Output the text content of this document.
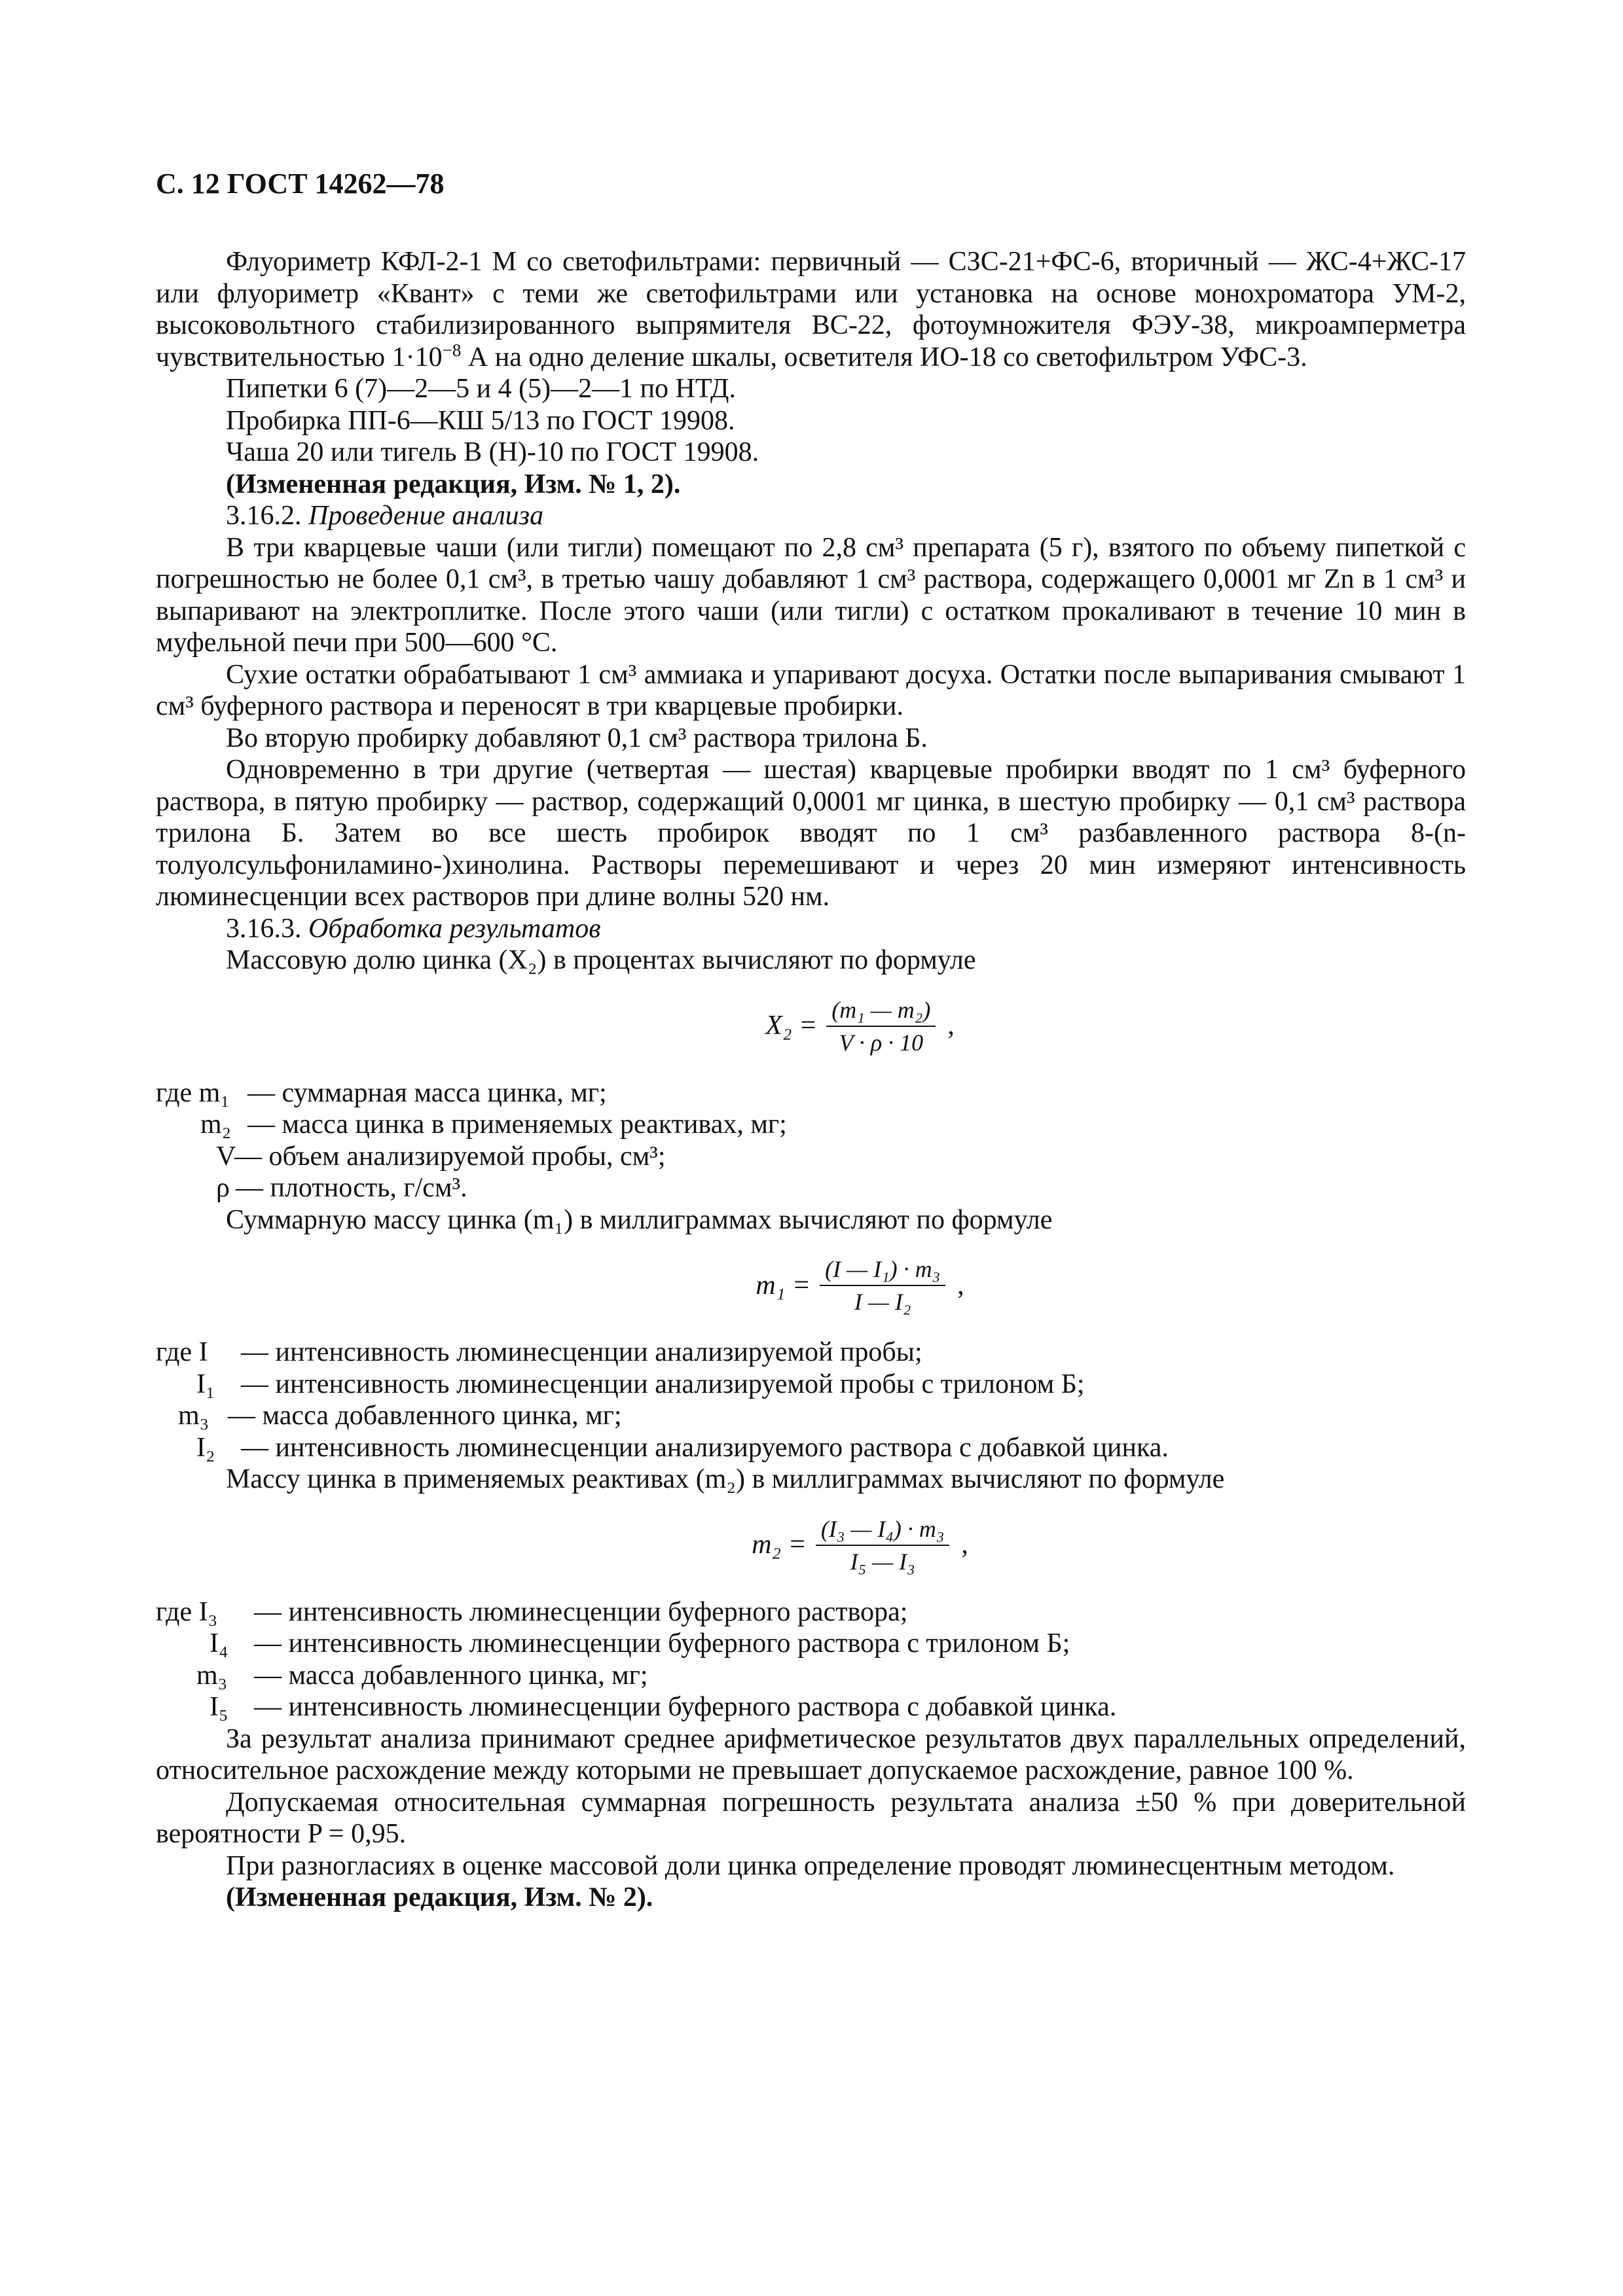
С. 12 ГОСТ 14262—78

Флуориметр КФЛ-2-1 М со светофильтрами: первичный — СЗС-21+ФС-6, вторичный — ЖС-4+ЖС-17 или флуориметр «Квант» с теми же светофильтрами или установка на основе монохроматора УМ-2, высоковольтного стабилизированного выпрямителя ВС-22, фотоумножителя ФЭУ-38, микроамперметра чувствительностью $1\cdot 10^{-8}$ А на одно деление шкалы, осветителя ИО-18 со светофильтром УФС-3.

Пипетки 6 (7)—2—5 и 4 (5)—2—1 по НТД.

Пробирка ПП-6—КШ 5/13 по ГОСТ 19908.

Чаша 20 или тигель В (Н)-10 по ГОСТ 19908.

(Измененная редакция, Изм. № 1, 2).

3.16.2. Проведение анализа

В три кварцевые чаши (или тигли) помещают по 2,8 см³ препарата (5 г), взятого по объему пипеткой с погрешностью не более 0,1 см³, в третью чашу добавляют 1 см³ раствора, содержащего 0,0001 мг Zn в 1 см³ и выпаривают на электроплитке. После этого чаши (или тигли) с остатком прокаливают в течение 10 мин в муфельной печи при 500—600 °С.

Сухие остатки обрабатывают 1 см³ аммиака и упаривают досуха. Остатки после выпаривания смывают 1 см³ буферного раствора и переносят в три кварцевые пробирки.

Во вторую пробирку добавляют 0,1 см³ раствора трилона Б.

Одновременно в три другие (четвертая — шестая) кварцевые пробирки вводят по 1 см³ буферного раствора, в пятую пробирку — раствор, содержащий 0,0001 мг цинка, в шестую пробирку — 0,1 см³ раствора трилона Б. Затем во все шесть пробирок вводят по 1 см³ разбавленного раствора 8-(n-толуолсульфониламино-)хинолина. Растворы перемешивают и через 20 мин измеряют интенсивность люминесценции всех растворов при длине волны 520 нм.

3.16.3. Обработка результатов

Массовую долю цинка (X₂) в процентах вычисляют по формуле

$X_2 = \frac{\text{(m₁ — m₂)}}{V \cdot \rho \cdot 10}$ ,
где m₁ — суммарная масса цинка, мг;
m₂ — масса цинка в применяемых реактивах, мг;
V
— объем анализируемой пробы, см³;
ρ — плотность, г/см³.

Суммарную массу цинка (m₁) в миллиграммах вычисляют по формуле

$m_1 = \frac{\text{(I — I₁) · m₃}}{\text{I — I₂}}$ ,
где I — интенсивность люминесценции анализируемой пробы;
I₁ — интенсивность люминесценции анализируемой пробы с трилоном Б;
m₃ — масса добавленного цинка, мг;
I₂ — интенсивность люминесценции анализируемого раствора с добавкой цинка.

Массу цинка в применяемых реактивах (m₂) в миллиграммах вычисляют по формуле

$m_2 = \frac{\text{(I₃ — I₄) · m₃}}{\text{I₅ — I₃}}$ ,
где I₃ — интенсивность люминесценции буферного раствора;
I₄ — интенсивность люминесценции буферного раствора с трилоном Б;
m₃ — масса добавленного цинка, мг;
I₅ — интенсивность люминесценции буферного раствора с добавкой цинка.

За результат анализа принимают среднее арифметическое результатов двух параллельных определений, относительное расхождение между которыми не превышает допускаемое расхождение, равное 100 %.

Допускаемая относительная суммарная погрешность результата анализа ±50 % при доверительной вероятности P = 0,95.

При разногласиях в оценке массовой доли цинка определение проводят люминесцентным методом.

(Измененная редакция, Изм. № 2).
